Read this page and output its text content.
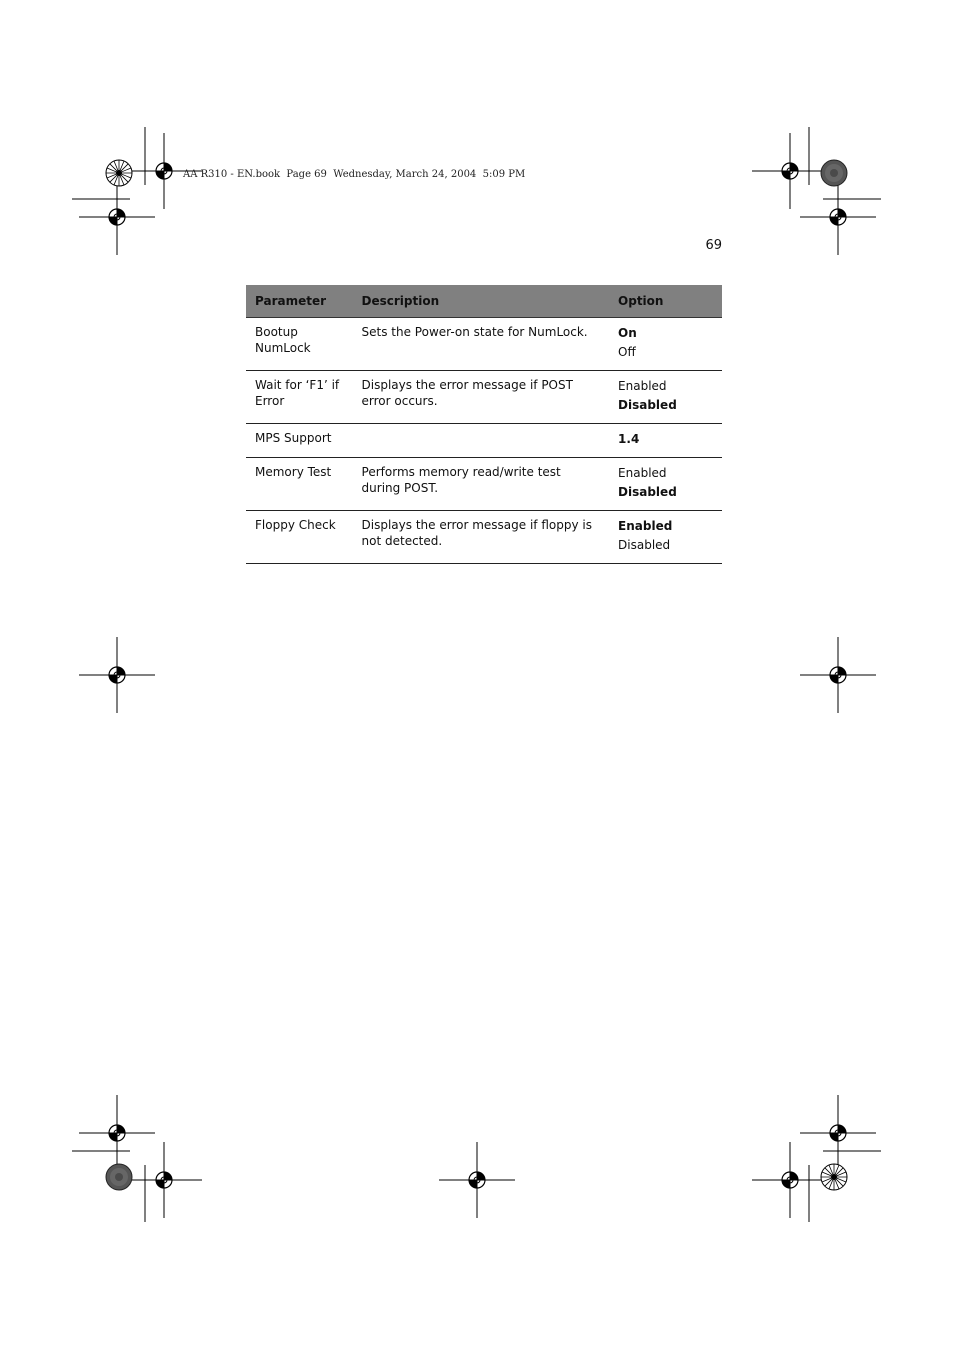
AA R310 - EN.book  Page 69  Wednesday, March 24, 2004  5:09 PM
69
Parameter	Description	Option
Bootup NumLock	Sets the Power-on state for NumLock.	On
Off

Wait for ‘F1’ if Error	Displays the error message if POST error occurs.	Enabled
Disabled

MPS Support		1.4

Memory Test	Performs memory read/write test during POST.	Enabled
Disabled

Floppy Check	Displays the error message if floppy is not detected.	Enabled
Disabled
